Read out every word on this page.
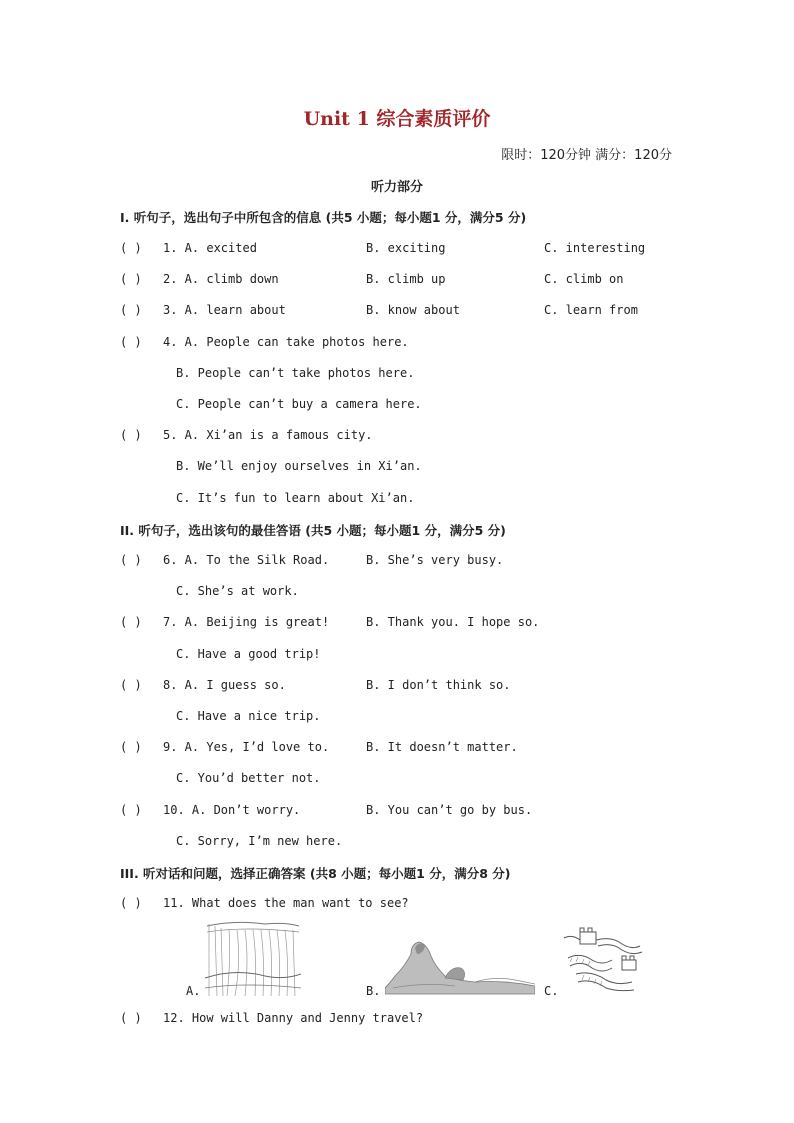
Unit 1 综合素质评价
限时：120分钟 满分：120分
听力部分
I. 听句子，选出句子中所包含的信息 (共5 小题；每小题1 分，满分5 分)
( ) 1. A. excited	B. exciting	C. interesting
( ) 2. A. climb down	B. climb up	C. climb on
( ) 3. A. learn about	B. know about	C. learn from
( ) 4. A. People can take photos here.
B. People can’t take photos here.
C. People can’t buy a camera here.
( ) 5. A. Xi’an is a famous city.
B. We’ll enjoy ourselves in Xi’an.
C. It’s fun to learn about Xi’an.
II. 听句子，选出该句的最佳答语 (共5 小题；每小题1 分，满分5 分)
( ) 6. A. To the Silk Road.	B. She’s very busy.
C. She’s at work.
( ) 7. A. Beijing is great!	B. Thank you. I hope so.
C. Have a good trip!
( ) 8. A. I guess so.	B. I don’t think so.
C. Have a nice trip.
( ) 9. A. Yes, I’d love to.	B. It doesn’t matter.
C. You’d better not.
( ) 10. A. Don’t worry.	B. You can’t go by bus.
C. Sorry, I’m new here.
III. 听对话和问题，选择正确答案 (共8 小题；每小题1 分，满分8 分)
( ) 11. What does the man want to see?
A.	B.	C.
( ) 12. How will Danny and Jenny travel?
